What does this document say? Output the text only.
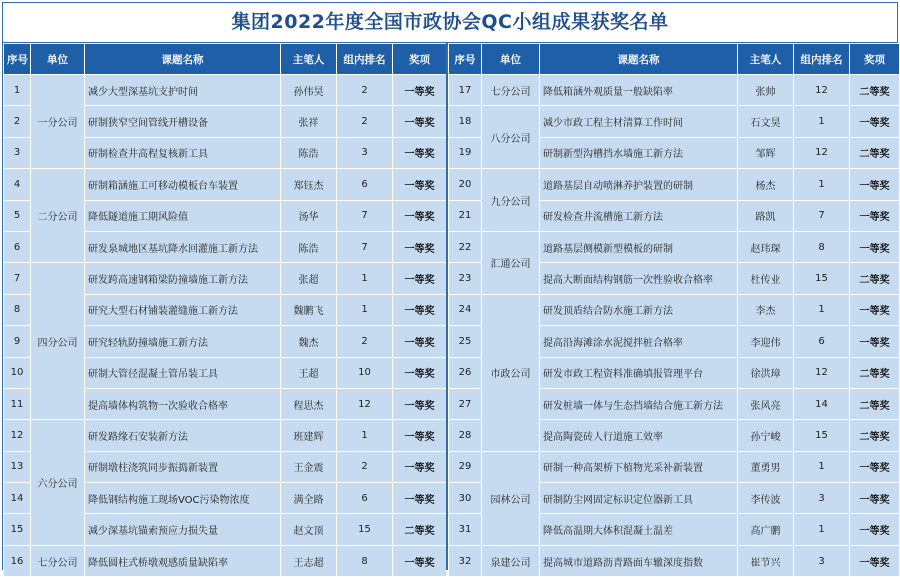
集团2022年度全国市政协会QC小组成果获奖名单
序号	单位	课题名称	主笔人	组内排名	奖项
1	一分公司	减少大型深基坑支护时间	孙伟昊	2	一等奖
2		研制狭窄空间管线开槽设备	张祥	2	一等奖
3		研制检查井高程复核新工具	陈浩	3	一等奖
4	二分公司	研制箱涵施工可移动模板台车装置	郑钰杰	6	一等奖
5		降低隧道施工期风险值	汤华	7	一等奖
6		研发泉城地区基坑降水回灌施工新方法	陈浩	7	一等奖
7	四分公司	研发跨高速钢箱梁防撞墙施工新方法	张超	1	一等奖
8		研究大型石材铺装灌缝施工新方法	魏鹏飞	1	一等奖
9		研究轻轨防撞墙施工新方法	魏杰	2	一等奖
10		研制大管径混凝土管吊装工具	王超	10	一等奖
11		提高墙体构筑物一次验收合格率	程思杰	12	一等奖
12	六分公司	研发路缘石安装新方法	班建辉	1	一等奖
13		研制墩柱浇筑同步振捣新装置	王金震	2	一等奖
14		降低钢结构施工现场VOC污染物浓度	满全路	6	一等奖
15		减少深基坑锚索预应力损失量	赵文顶	15	二等奖
16	七分公司	降低圆柱式桥墩观感质量缺陷率	王志超	8	一等奖
序号	单位	课题名称	主笔人	组内排名	奖项
17	七分公司	降低箱涵外观质量一般缺陷率	张帅	12	二等奖
18	八分公司	减少市政工程主材清算工作时间	石文昊	1	一等奖
19		研制新型沟槽挡水墙施工新方法	邹辉	12	二等奖
20	九分公司	道路基层自动喷淋养护装置的研制	杨杰	1	一等奖
21		研发检查井流槽施工新方法	路凯	7	一等奖
22	汇通公司	道路基层侧模新型模板的研制	赵玮琛	8	一等奖
23		提高大断面结构钢筋一次性验收合格率	杜传业	15	二等奖
24	市政公司	研发顶盾结合防水施工新方法	李杰	1	一等奖
25		提高沿海滩涂水泥搅拌桩合格率	李迎伟	6	一等奖
26		研发市政工程资料准确填报管理平台	徐洪璋	12	二等奖
27		研发桩墙一体与生态挡墙结合施工新方法	张风亮	14	二等奖
28		提高陶瓷砖人行道施工效率	孙宁峻	15	二等奖
29	园林公司	研制一种高架桥下植物光采补新装置	董勇男	1	一等奖
30		研制防尘网固定标识定位器新工具	李传波	3	一等奖
31		降低高温期大体积混凝土温差	高广鹏	1	一等奖
32	泉建公司	提高城市道路沥青路面车辙深度指数	崔节兴	3	一等奖
